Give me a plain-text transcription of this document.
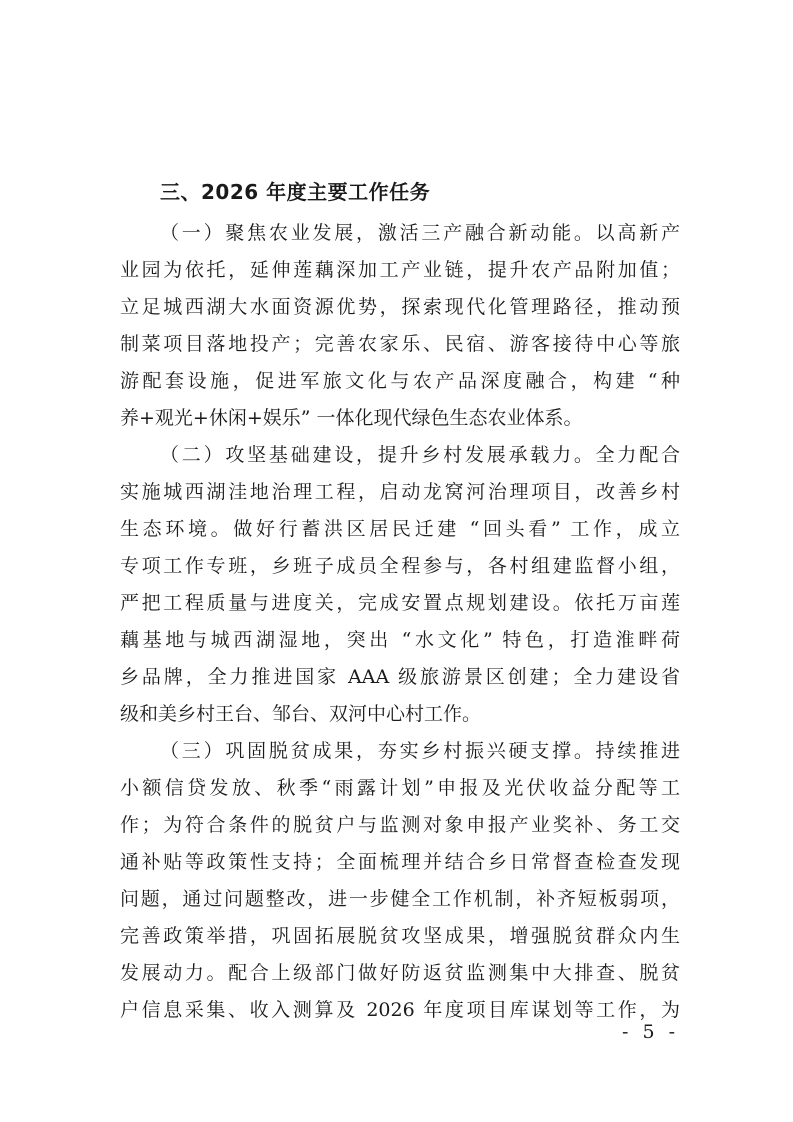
三、2026 年度主要工作任务
（一）聚焦农业发展，激活三产融合新动能。以高新产
业园为依托，延伸莲藕深加工产业链，提升农产品附加值；
立足城西湖大水面资源优势，探索现代化管理路径，推动预
制菜项目落地投产；完善农家乐、民宿、游客接待中心等旅
游配套设施，促进军旅文化与农产品深度融合，构建 “种
养+观光+休闲+娱乐” 一体化现代绿色生态农业体系。
（二）攻坚基础建设，提升乡村发展承载力。全力配合
实施城西湖洼地治理工程，启动龙窝河治理项目，改善乡村
生态环境。做好行蓄洪区居民迁建 “回头看” 工作，成立
专项工作专班，乡班子成员全程参与，各村组建监督小组，
严把工程质量与进度关，完成安置点规划建设。依托万亩莲
藕基地与城西湖湿地，突出 “水文化” 特色，打造淮畔荷
乡品牌，全力推进国家 AAA 级旅游景区创建；全力建设省
级和美乡村王台、邹台、双河中心村工作。
（三）巩固脱贫成果，夯实乡村振兴硬支撑。持续推进
小额信贷发放、秋季“雨露计划”申报及光伏收益分配等工
作；为符合条件的脱贫户与监测对象申报产业奖补、务工交
通补贴等政策性支持；全面梳理并结合乡日常督查检查发现
问题，通过问题整改，进一步健全工作机制，补齐短板弱项，
完善政策举措，巩固拓展脱贫攻坚成果，增强脱贫群众内生
发展动力。配合上级部门做好防返贫监测集中大排查、脱贫
户信息采集、收入测算及 2026 年度项目库谋划等工作，为
- 5 -
